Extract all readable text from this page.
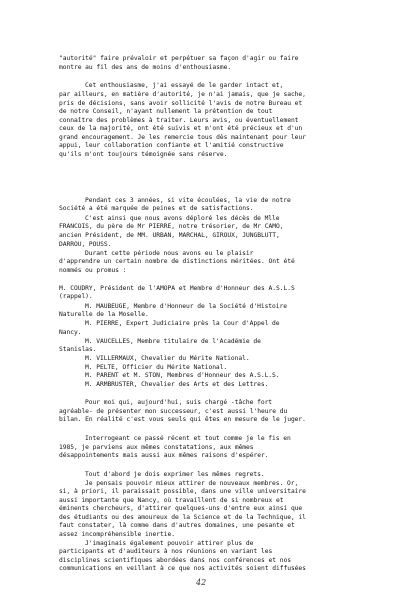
"autorité" faire prévaloir et perpétuer sa façon d'agir ou faire
montre au fil des ans de moins d'enthousiasme.
Cet enthousiasme, j'ai essayé de le garder intact et,
par ailleurs, en matière d'autorité, je n'ai jamais, que je sache,
pris de décisions, sans avoir sollicité l'avis de notre Bureau et
de notre Conseil, n'ayant nullement la prétention de tout
connaître des problèmes à traiter. Leurs avis, ou éventuellement
ceux de la majorité, ont été suivis et m'ont été précieux et d'un
grand encouragement. Je les remercie tous dès maintenant pour leur
appui, leur collaboration confiante et l'amitié constructive
qu'ils m'ont toujours témoignée sans réserve.
Pendant ces 3 années, si vite écoulées, la vie de notre
Société a été marquée de peines et de satisfactions.
C'est ainsi que nous avons déploré les décès de Mlle
FRANCOIS, du père de Mr PIERRE, notre trésorier, de Mr CAMO,
ancien Président, de MM. URBAN, MARCHAL, GIROUX, JUNGBLUTT,
DARROU, POUSS.
Durant cette période nous avons eu le plaisir
d'apprendre un certain nombre de distinctions méritées. Ont été
nommés ou promus :
M. COUDRY, Président de l'AMOPA et Membre d'Honneur des A.S.L.S
(rappel).
M. MAUBEUGE, Membre d'Honneur de la Société d'Histoire
Naturelle de la Moselle.
M. PIERRE, Expert Judiciaire près la Cour d'Appel de
Nancy.
M. VAUCELLES, Membre titulaire de l'Académie de
Stanislas.
M. VILLERMAUX, Chevalier du Mérite National.
M. PELTE, Officier du Mérite National.
M. PARENT et M. STON, Membres d'Honneur des A.S.L.S.
M. ARMBRUSTER, Chevalier des Arts et des Lettres.
Pour moi qui, aujourd'hui, suis chargé -tâche fort
agréable- de présenter mon successeur, c'est aussi l'heure du
bilan. En réalité c'est vous seuls qui êtes en mesure de le juger.
Interrogeant ce passé récent et tout comme je le fis en
1985, je parviens aux mêmes constatations, aux mêmes
désappointements mais aussi aux mêmes raisons d'espérer.
Tout d'abord je dois exprimer les mêmes regrets.
Je pensais pouvoir mieux attirer de nouveaux membres. Or,
si, à priori, il paraissait possible, dans une ville universitaire
aussi importante que Nancy, où travaillent de si nombreux et
éminents chercheurs, d'attirer quelques-uns d'entre eux ainsi que
des étudiants ou des amoureux de la Science et de la Technique, il
faut constater, là comme dans d'autres domaines, une pesante et
assez incompréhensible inertie.
J'imaginais également pouvoir attirer plus de
participants et d'auditeurs à nos réunions en variant les
disciplines scientifiques abordées dans nos conférences et nos
communications en veillant à ce que nos activités soient diffusées
42
